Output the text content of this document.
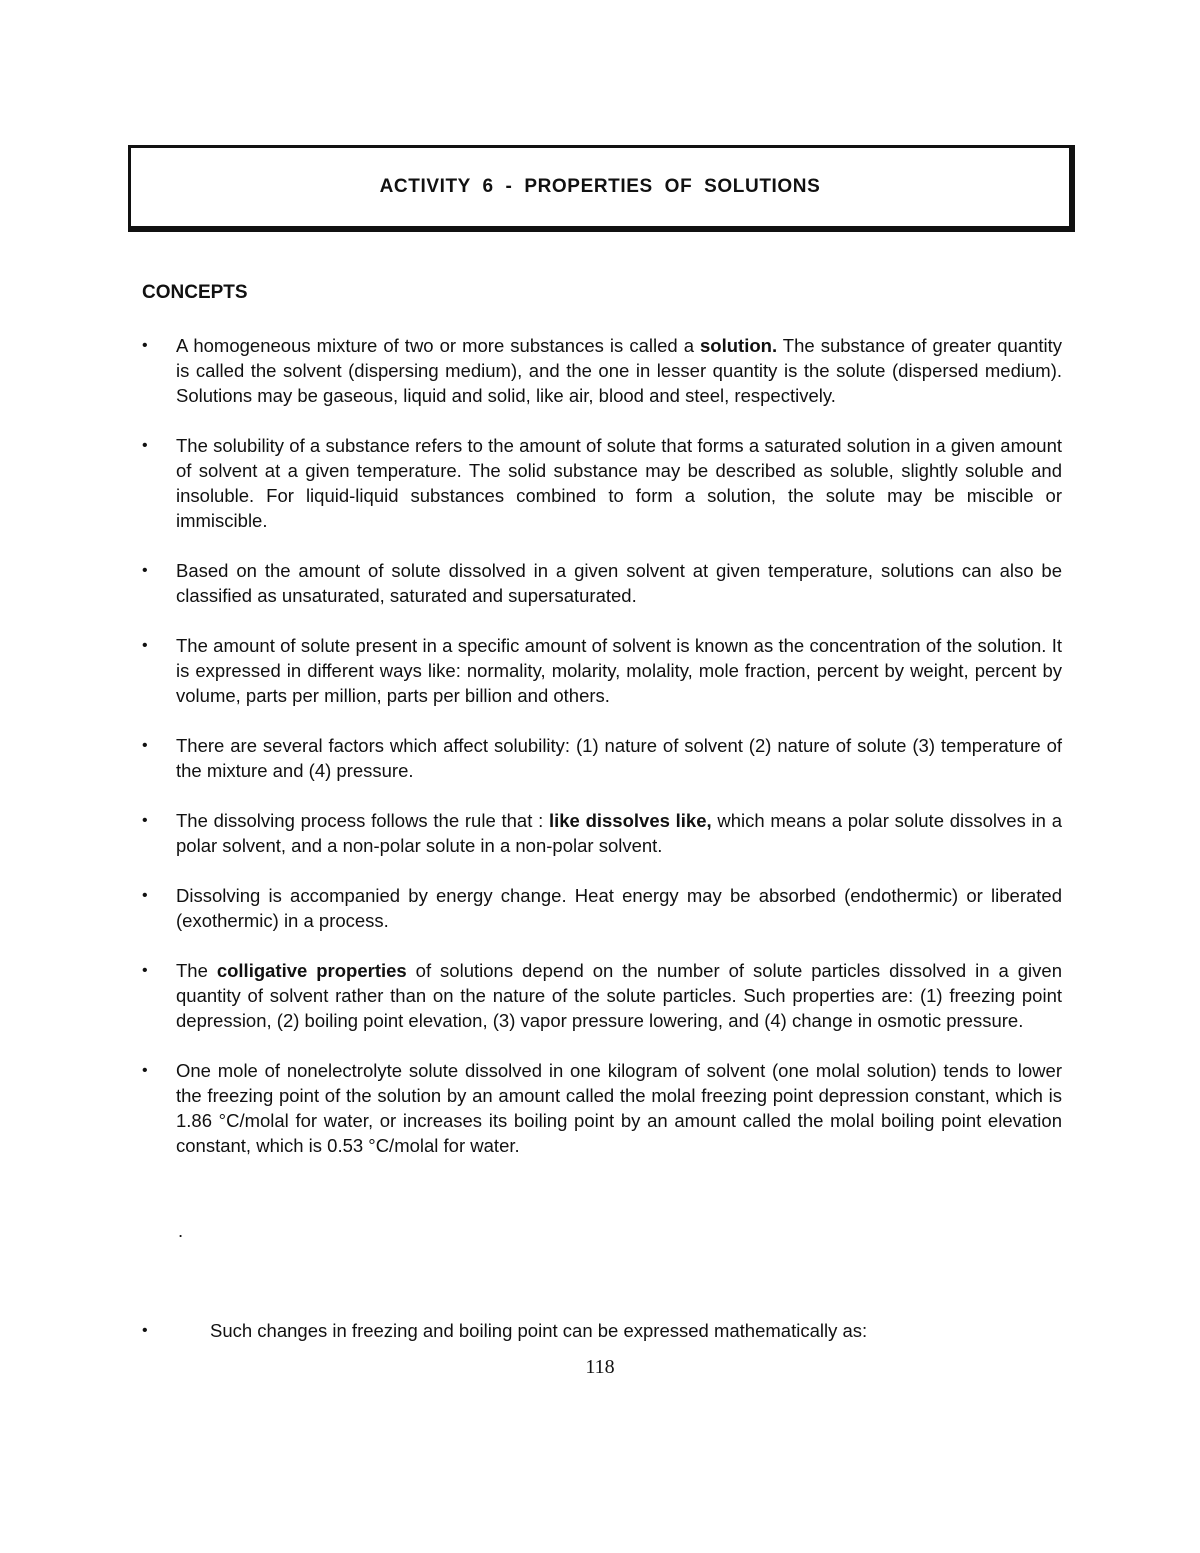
ACTIVITY 6 - PROPERTIES OF SOLUTIONS
CONCEPTS
• A homogeneous mixture of two or more substances is called a solution. The substance of greater quantity is called the solvent (dispersing medium), and the one in lesser quantity is the solute (dispersed medium). Solutions may be gaseous, liquid and solid, like air, blood and steel, respectively.
• The solubility of a substance refers to the amount of solute that forms a saturated solution in a given amount of solvent at a given temperature. The solid substance may be described as soluble, slightly soluble and insoluble. For liquid-liquid substances combined to form a solution, the solute may be miscible or immiscible.
• Based on the amount of solute dissolved in a given solvent at given temperature, solutions can also be classified as unsaturated, saturated and supersaturated.
• The amount of solute present in a specific amount of solvent is known as the concentration of the solution. It is expressed in different ways like: normality, molarity, molality, mole fraction, percent by weight, percent by volume, parts per million, parts per billion and others.
• There are several factors which affect solubility: (1) nature of solvent (2) nature of solute (3) temperature of the mixture and (4) pressure.
• The dissolving process follows the rule that : like dissolves like, which means a polar solute dissolves in a polar solvent, and a non-polar solute in a non-polar solvent.
• Dissolving is accompanied by energy change. Heat energy may be absorbed (endothermic) or liberated (exothermic) in a process.
• The colligative properties of solutions depend on the number of solute particles dissolved in a given quantity of solvent rather than on the nature of the solute particles. Such properties are: (1) freezing point depression, (2) boiling point elevation, (3) vapor pressure lowering, and (4) change in osmotic pressure.
• One mole of nonelectrolyte solute dissolved in one kilogram of solvent (one molal solution) tends to lower the freezing point of the solution by an amount called the molal freezing point depression constant, which is 1.86 °C/molal for water, or increases its boiling point by an amount called the molal boiling point elevation constant, which is 0.53 °C/molal for water.
.
•	Such changes in freezing and boiling point can be expressed mathematically as:
118
